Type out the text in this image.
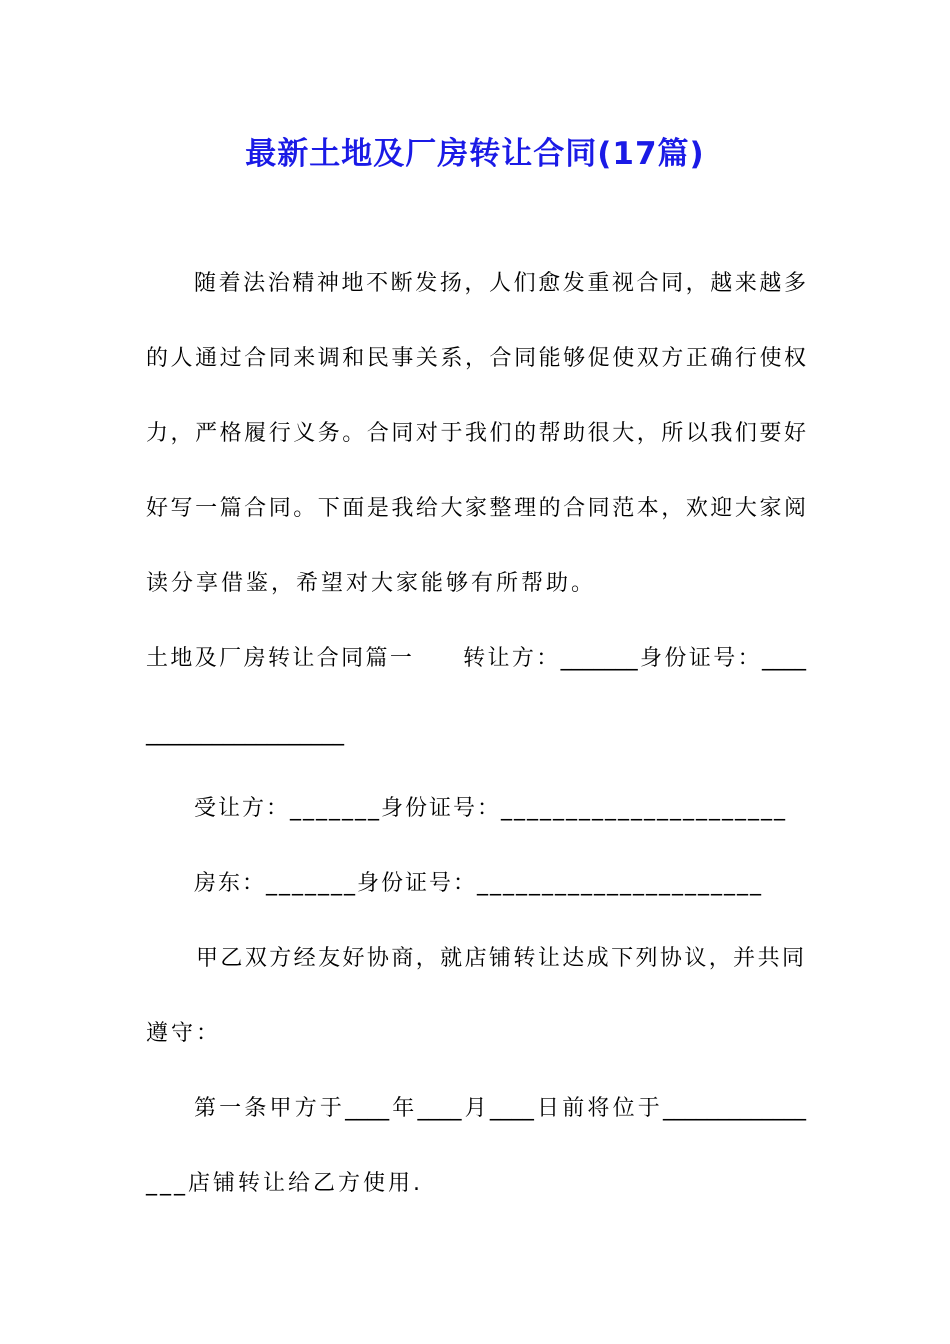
最新土地及厂房转让合同(17篇)
随着法治精神地不断发扬，人们愈发重视合同，越来越多
的人通过合同来调和民事关系，合同能够促使双方正确行使权
力，严格履行义务。合同对于我们的帮助很大，所以我们要好
好写一篇合同。下面是我给大家整理的合同范本，欢迎大家阅
读分享借鉴，希望对大家能够有所帮助。
土地及厂房转让合同篇一　　转让方：_______身份证号：____
__________________
受让方：_______身份证号：______________________
房东：_______身份证号：______________________
甲乙双方经友好协商，就店铺转让达成下列协议，并共同
遵守：
第一条甲方于____年____月____日前将位于_____________
___店铺转让给乙方使用.
